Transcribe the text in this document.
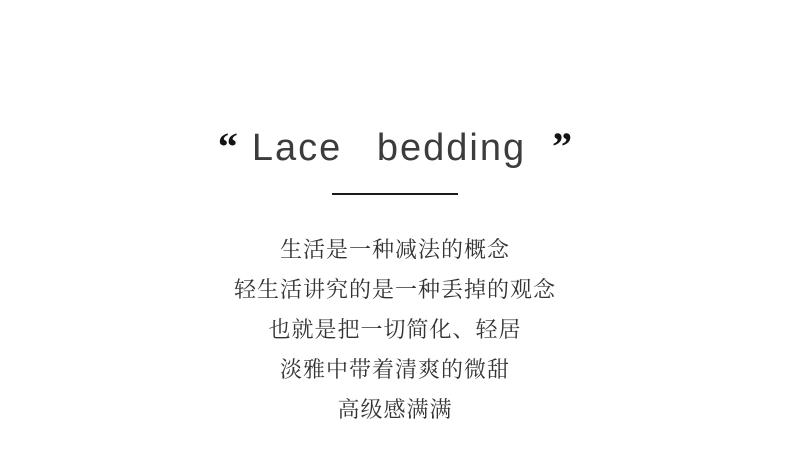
“ Lace bedding ”

生活是一种减法的概念

轻生活讲究的是一种丢掉的观念

也就是把一切简化、轻居

淡雅中带着清爽的微甜

高级感满满
